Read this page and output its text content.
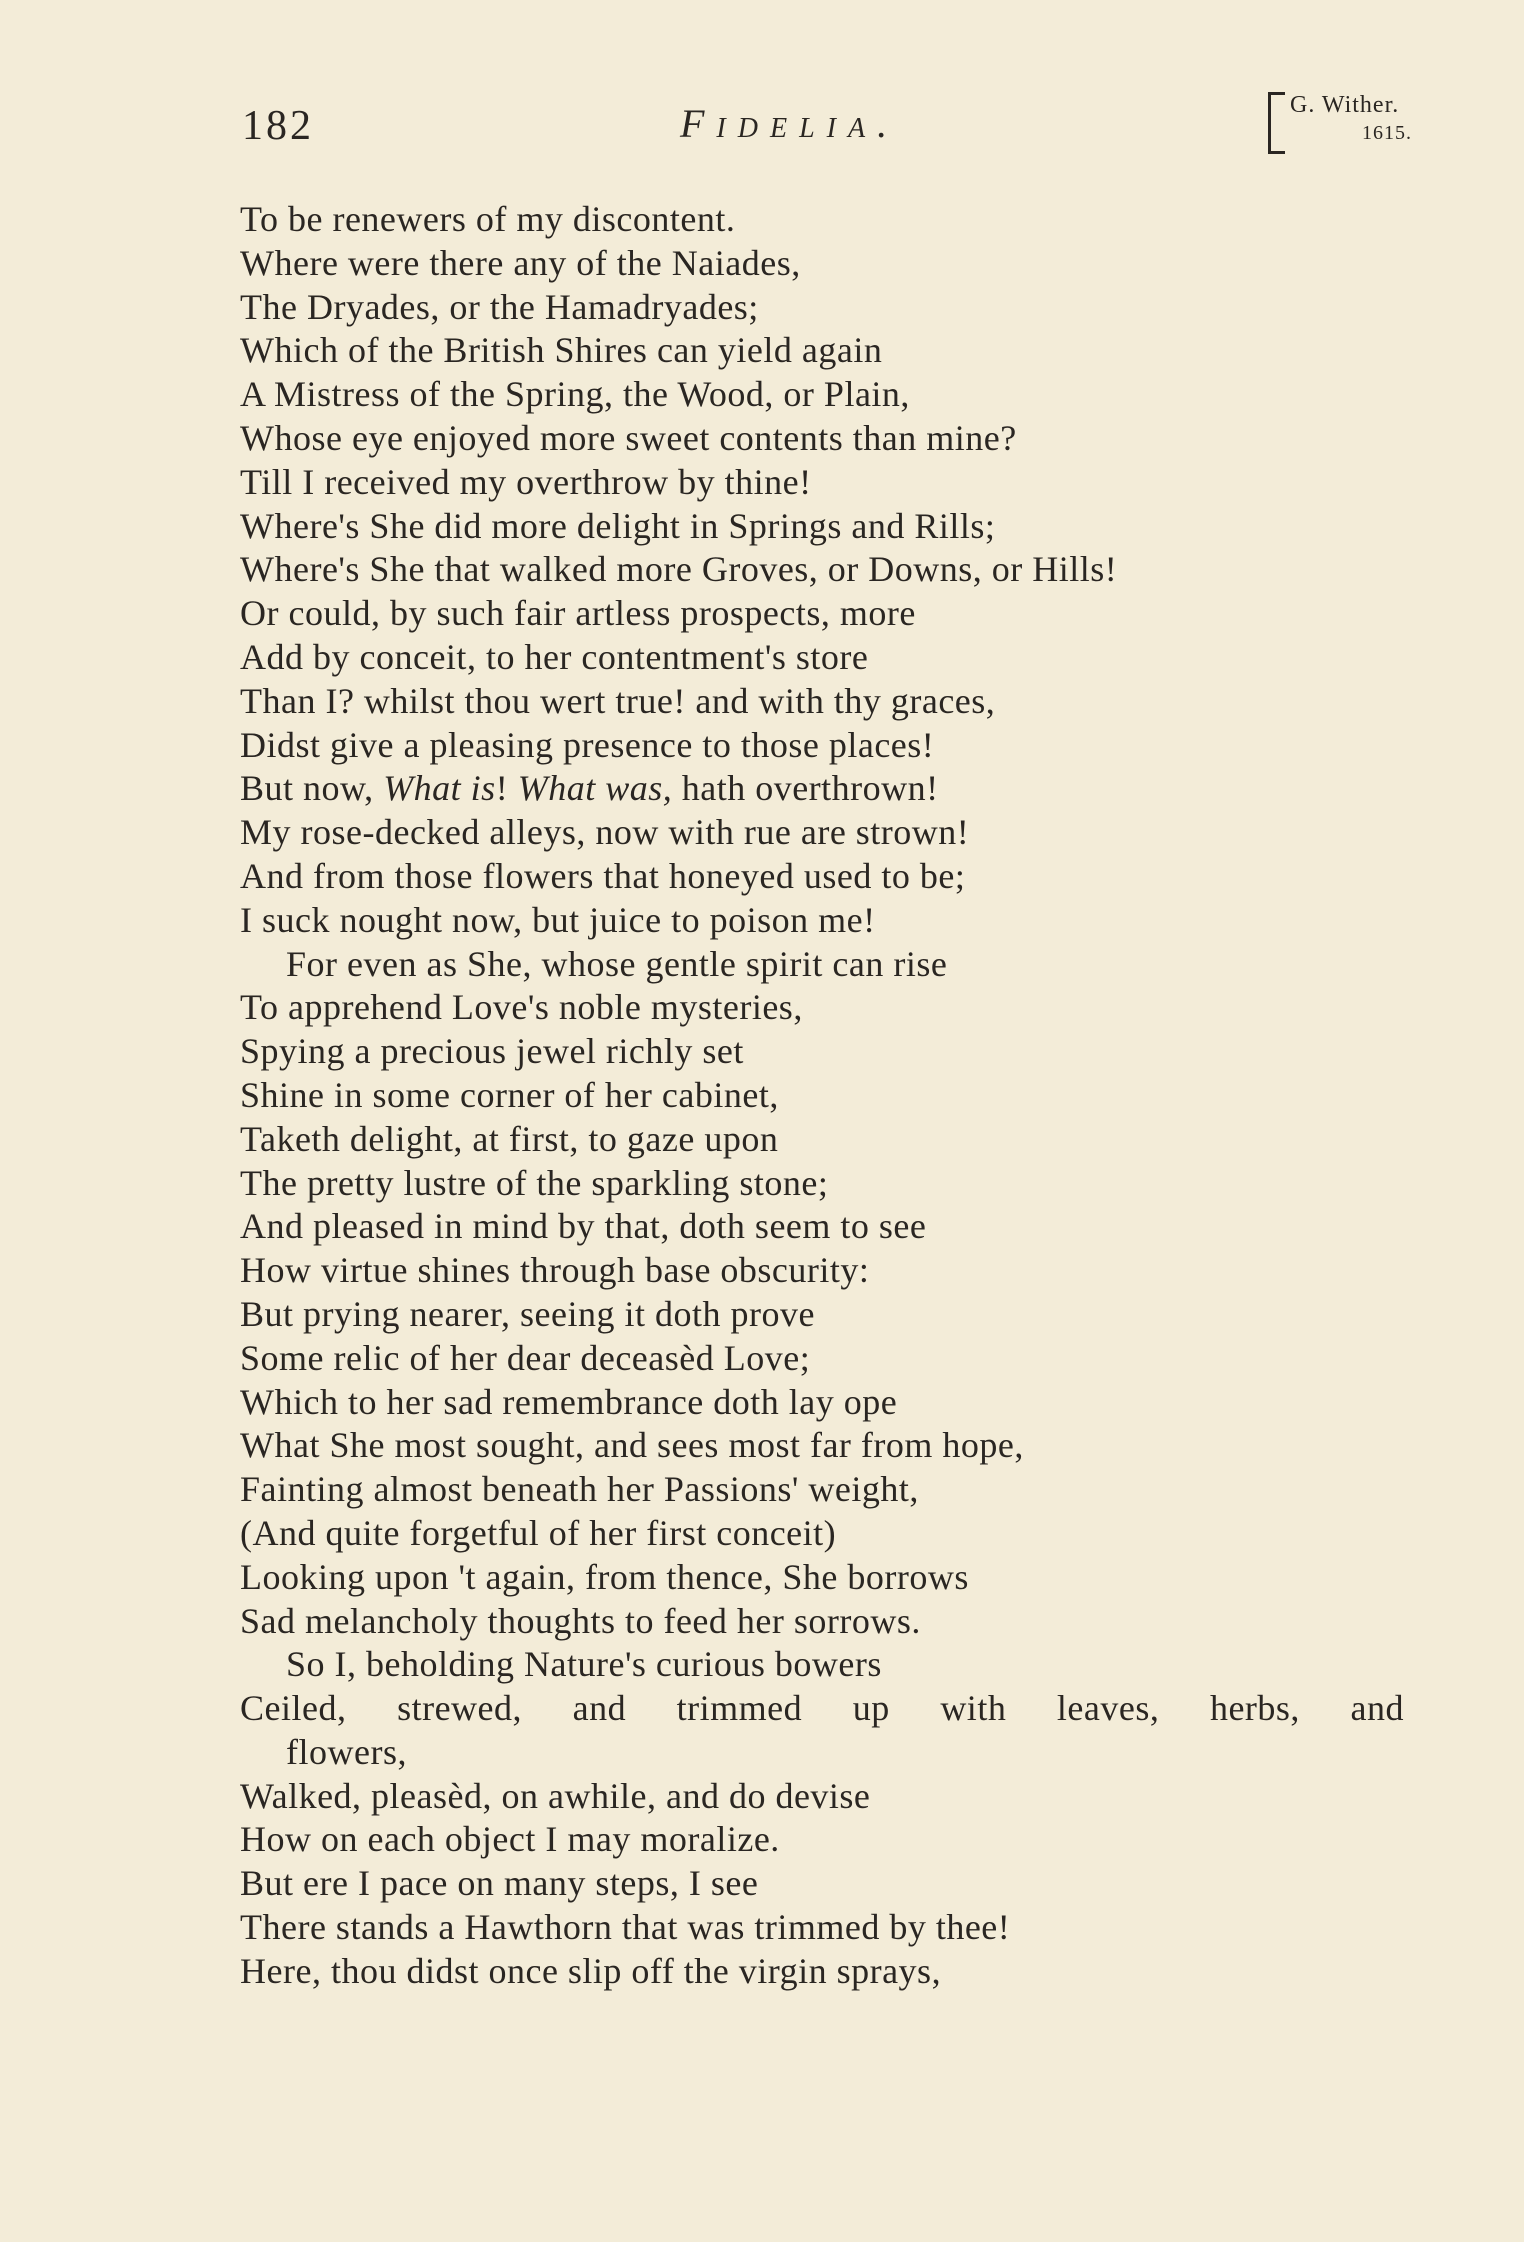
182	Fidelia.	G. Wither.
1615.
To be renewers of my discontent.
Where were there any of the Naiades,
The Dryades, or the Hamadryades;
Which of the British Shires can yield again
A Mistress of the Spring, the Wood, or Plain,
Whose eye enjoyed more sweet contents than mine?
Till I received my overthrow by thine!
Where's She did more delight in Springs and Rills;
Where's She that walked more Groves, or Downs, or Hills!
Or could, by such fair artless prospects, more
Add by conceit, to her contentment's store
Than I? whilst thou wert true! and with thy graces,
Didst give a pleasing presence to those places!
But now, What is! What was, hath overthrown!
My rose-decked alleys, now with rue are strown!
And from those flowers that honeyed used to be;
I suck nought now, but juice to poison me!
For even as She, whose gentle spirit can rise
To apprehend Love's noble mysteries,
Spying a precious jewel richly set
Shine in some corner of her cabinet,
Taketh delight, at first, to gaze upon
The pretty lustre of the sparkling stone;
And pleased in mind by that, doth seem to see
How virtue shines through base obscurity:
But prying nearer, seeing it doth prove
Some relic of her dear deceasèd Love;
Which to her sad remembrance doth lay ope
What She most sought, and sees most far from hope,
Fainting almost beneath her Passions' weight,
(And quite forgetful of her first conceit)
Looking upon 't again, from thence, She borrows
Sad melancholy thoughts to feed her sorrows.
So I, beholding Nature's curious bowers
Ceiled, strewed, and trimmed up with leaves, herbs, and
flowers,
Walked, pleasèd, on awhile, and do devise
How on each object I may moralize.
But ere I pace on many steps, I see
There stands a Hawthorn that was trimmed by thee!
Here, thou didst once slip off the virgin sprays,
